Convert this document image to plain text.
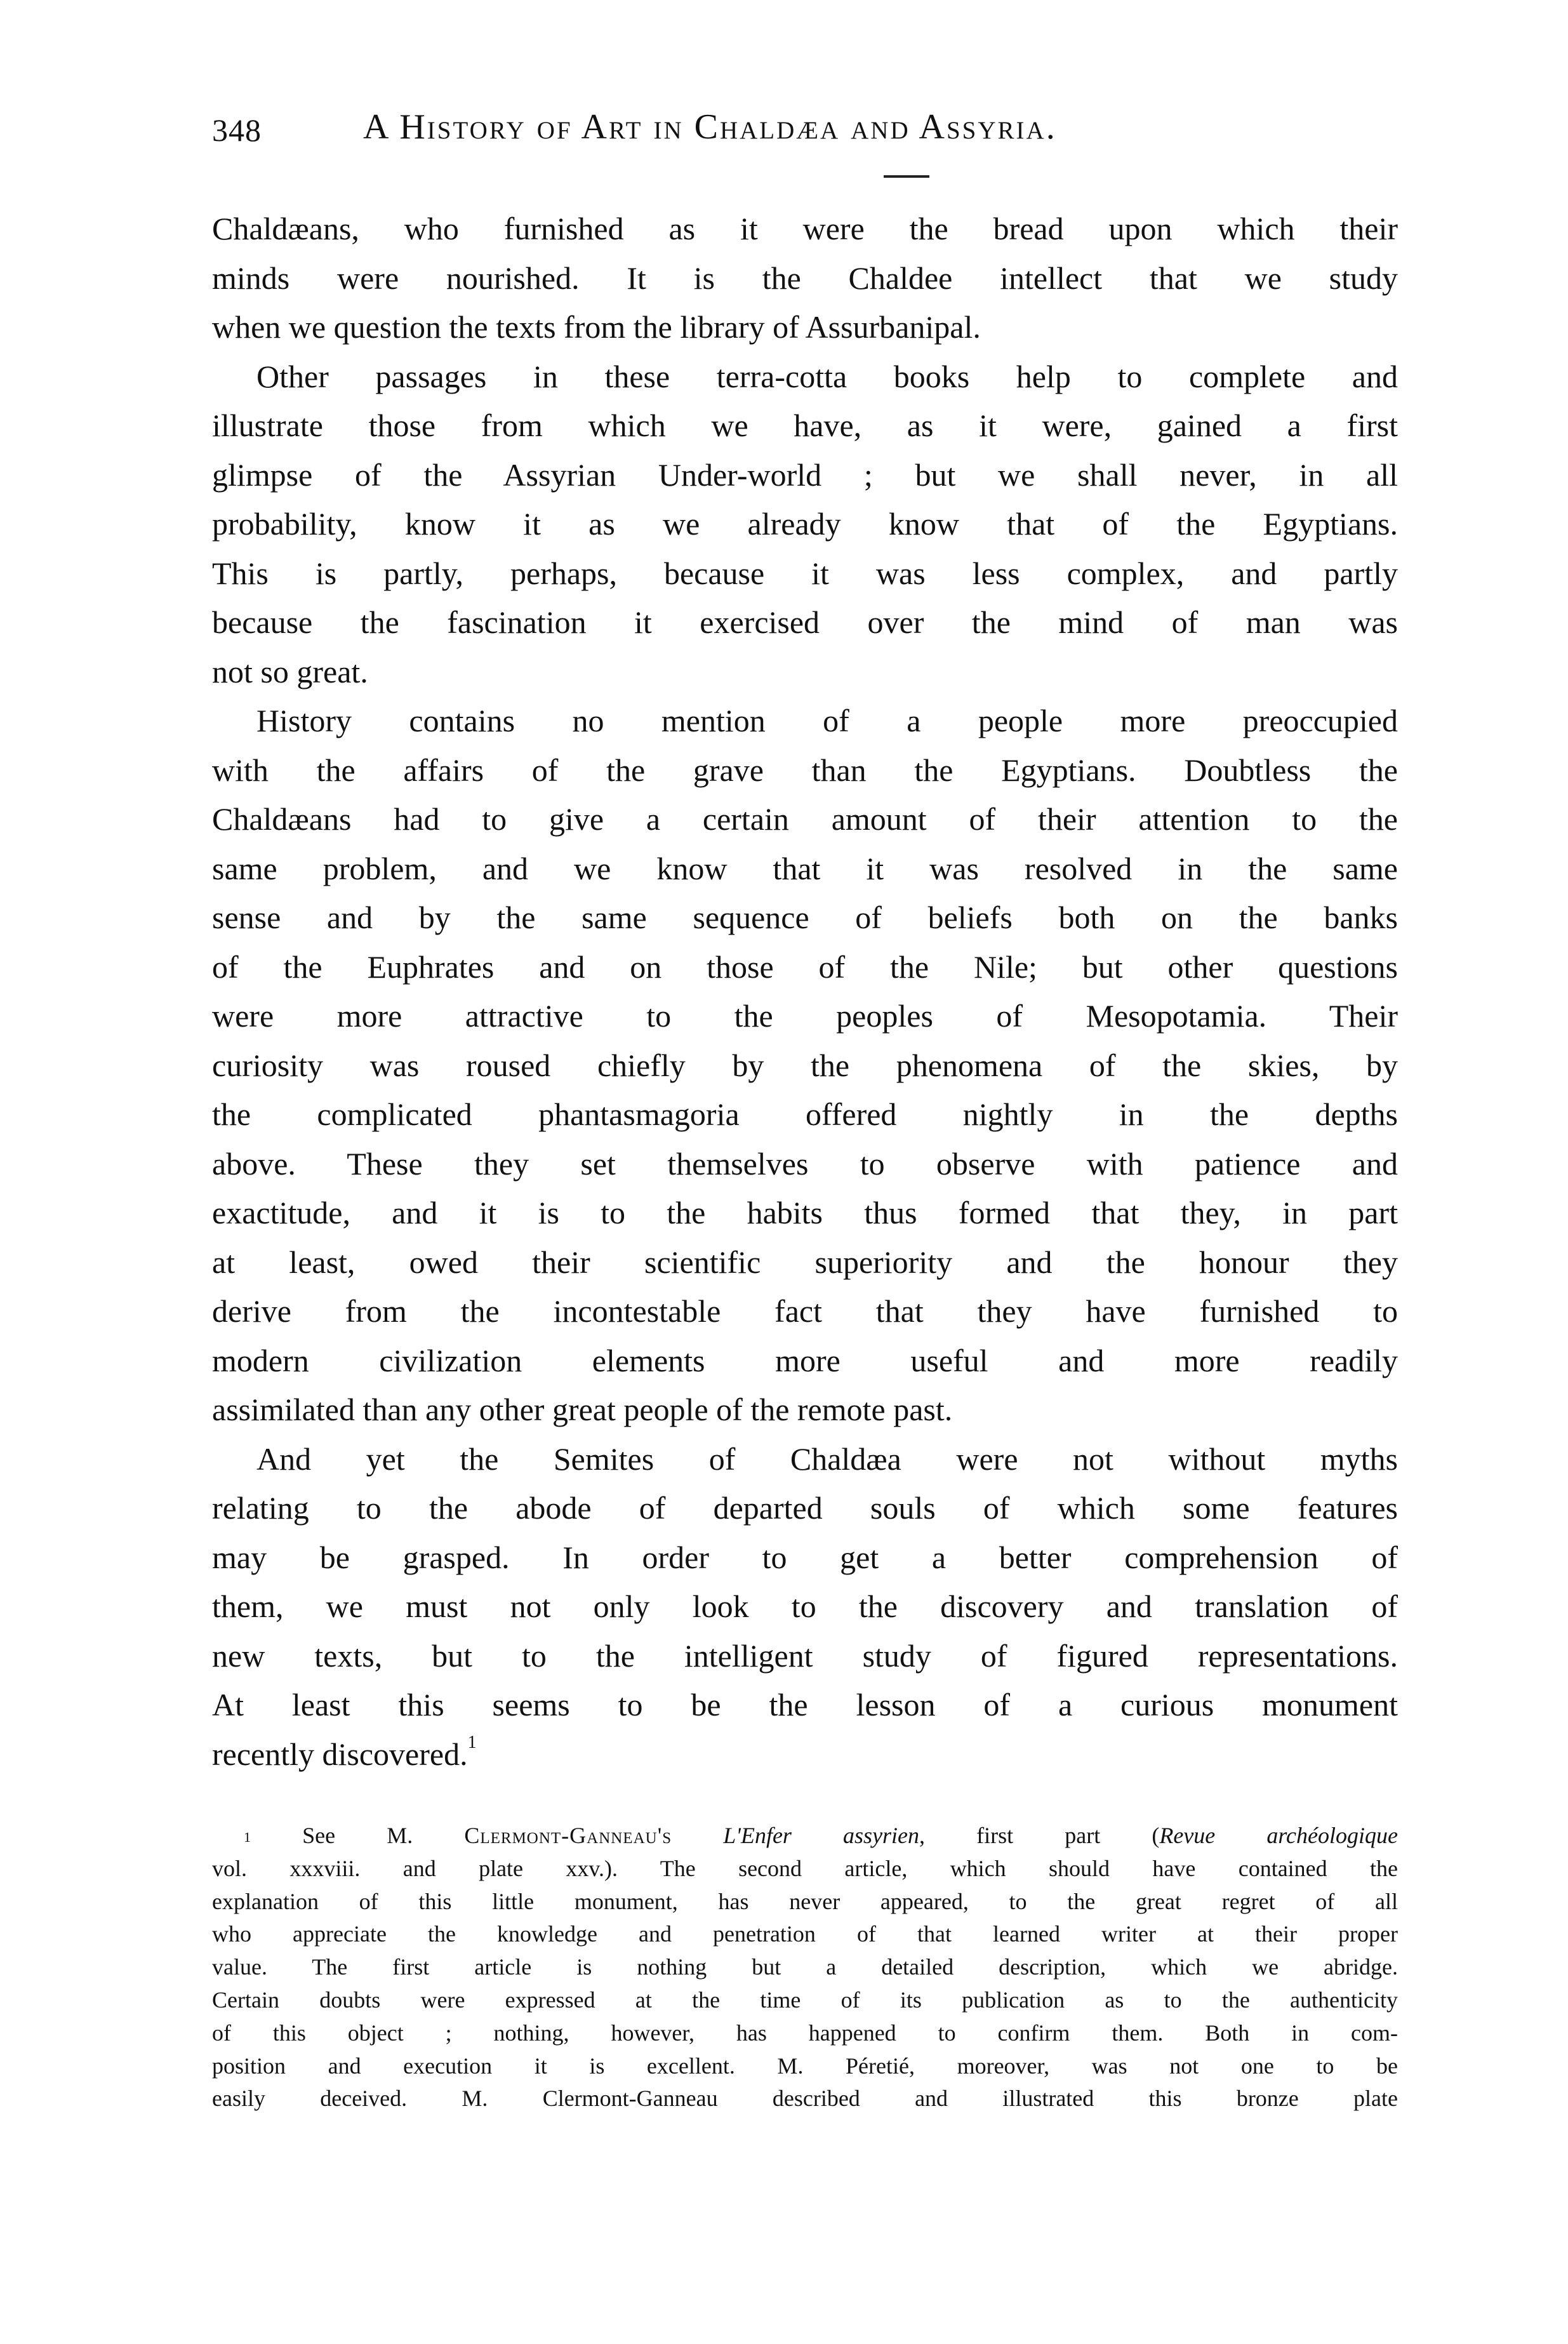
348	A History of Art in Chaldæa and Assyria.
Chaldæans, who furnished as it were the bread upon which their
minds were nourished. It is the Chaldee intellect that we study
when we question the texts from the library of Assurbanipal.
Other passages in these terra-cotta books help to complete and
illustrate those from which we have, as it were, gained a first
glimpse of the Assyrian Under-world ; but we shall never, in all
probability, know it as we already know that of the Egyptians.
This is partly, perhaps, because it was less complex, and partly
because the fascination it exercised over the mind of man was
not so great.
History contains no mention of a people more preoccupied
with the affairs of the grave than the Egyptians. Doubtless the
Chaldæans had to give a certain amount of their attention to the
same problem, and we know that it was resolved in the same
sense and by the same sequence of beliefs both on the banks
of the Euphrates and on those of the Nile; but other questions
were more attractive to the peoples of Mesopotamia. Their
curiosity was roused chiefly by the phenomena of the skies, by
the complicated phantasmagoria offered nightly in the depths
above. These they set themselves to observe with patience and
exactitude, and it is to the habits thus formed that they, in part
at least, owed their scientific superiority and the honour they
derive from the incontestable fact that they have furnished to
modern civilization elements more useful and more readily
assimilated than any other great people of the remote past.
And yet the Semites of Chaldæa were not without myths
relating to the abode of departed souls of which some features
may be grasped. In order to get a better comprehension of
them, we must not only look to the discovery and translation of
new texts, but to the intelligent study of figured representations.
At least this seems to be the lesson of a curious monument
recently discovered.$^1$
$^1$ See M. Clermont-Ganneau's L'Enfer assyrien, first part (Revue archéologique
vol. xxxviii. and plate xxv.). The second article, which should have contained the
explanation of this little monument, has never appeared, to the great regret of all
who appreciate the knowledge and penetration of that learned writer at their proper
value. The first article is nothing but a detailed description, which we abridge.
Certain doubts were expressed at the time of its publication as to the authenticity
of this object ; nothing, however, has happened to confirm them. Both in com-
position and execution it is excellent. M. Péretié, moreover, was not one to be
easily deceived. M. Clermont-Ganneau described and illustrated this bronze plate
